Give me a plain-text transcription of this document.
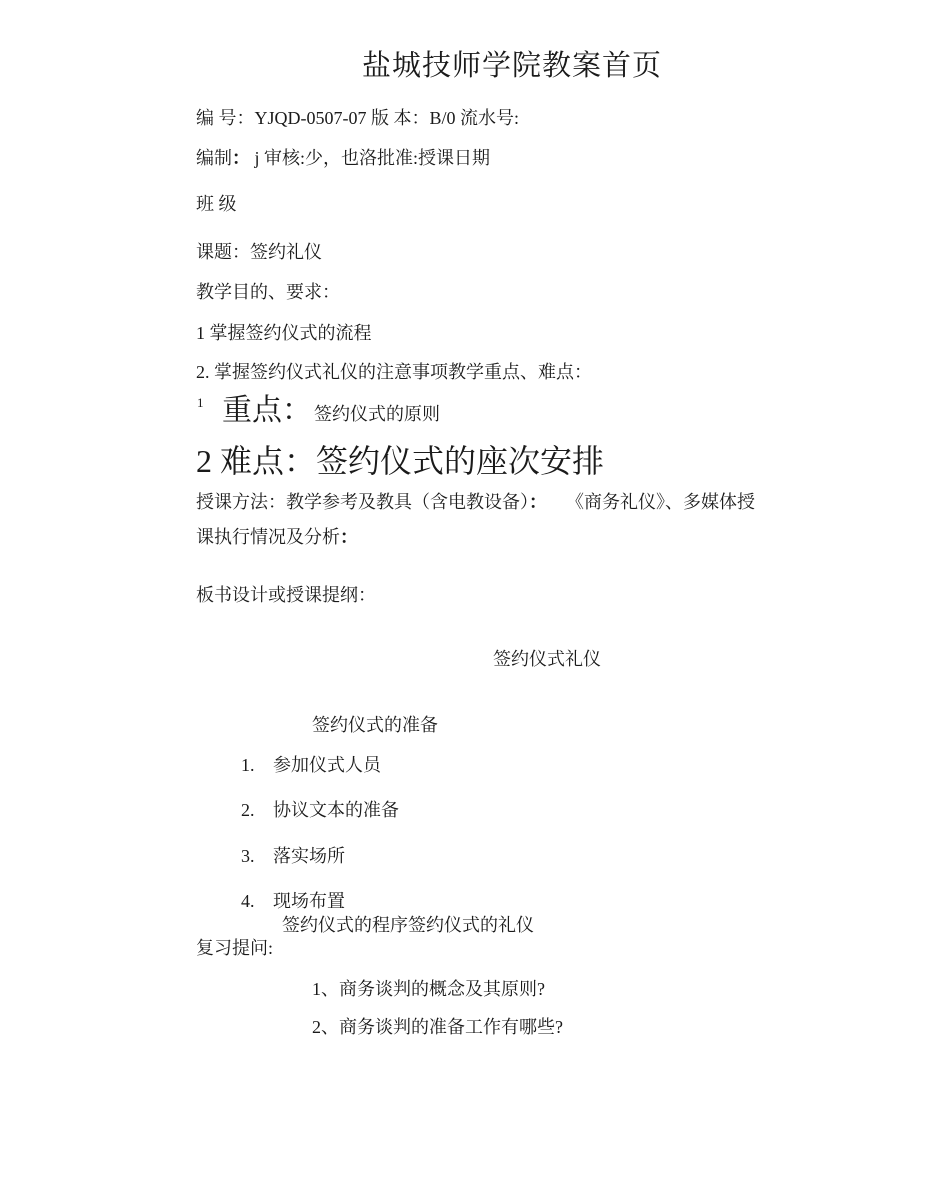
盐城技师学院教案首页
编 号：YJQD-0507-07 版 本：B/0 流水号:
编制： j 审核:少，也洛批准:授课日期
班 级
课题：签约礼仪
教学目的、要求：
1 掌握签约仪式的流程
2. 掌握签约仪式礼仪的注意事项教学重点、难点：
1 重点： 签约仪式的原则
2 难点：签约仪式的座次安排
授课方法：教学参考及教具（含电教设备）： 《商务礼仪》、多媒体授
课执行情况及分析：
板书设计或授课提纲：
签约仪式礼仪
签约仪式的准备
1. 参加仪式人员
2. 协议文本的准备
3. 落实场所
4. 现场布置
签约仪式的程序签约仪式的礼仪
复习提问:
1、商务谈判的概念及其原则?
2、商务谈判的准备工作有哪些?
